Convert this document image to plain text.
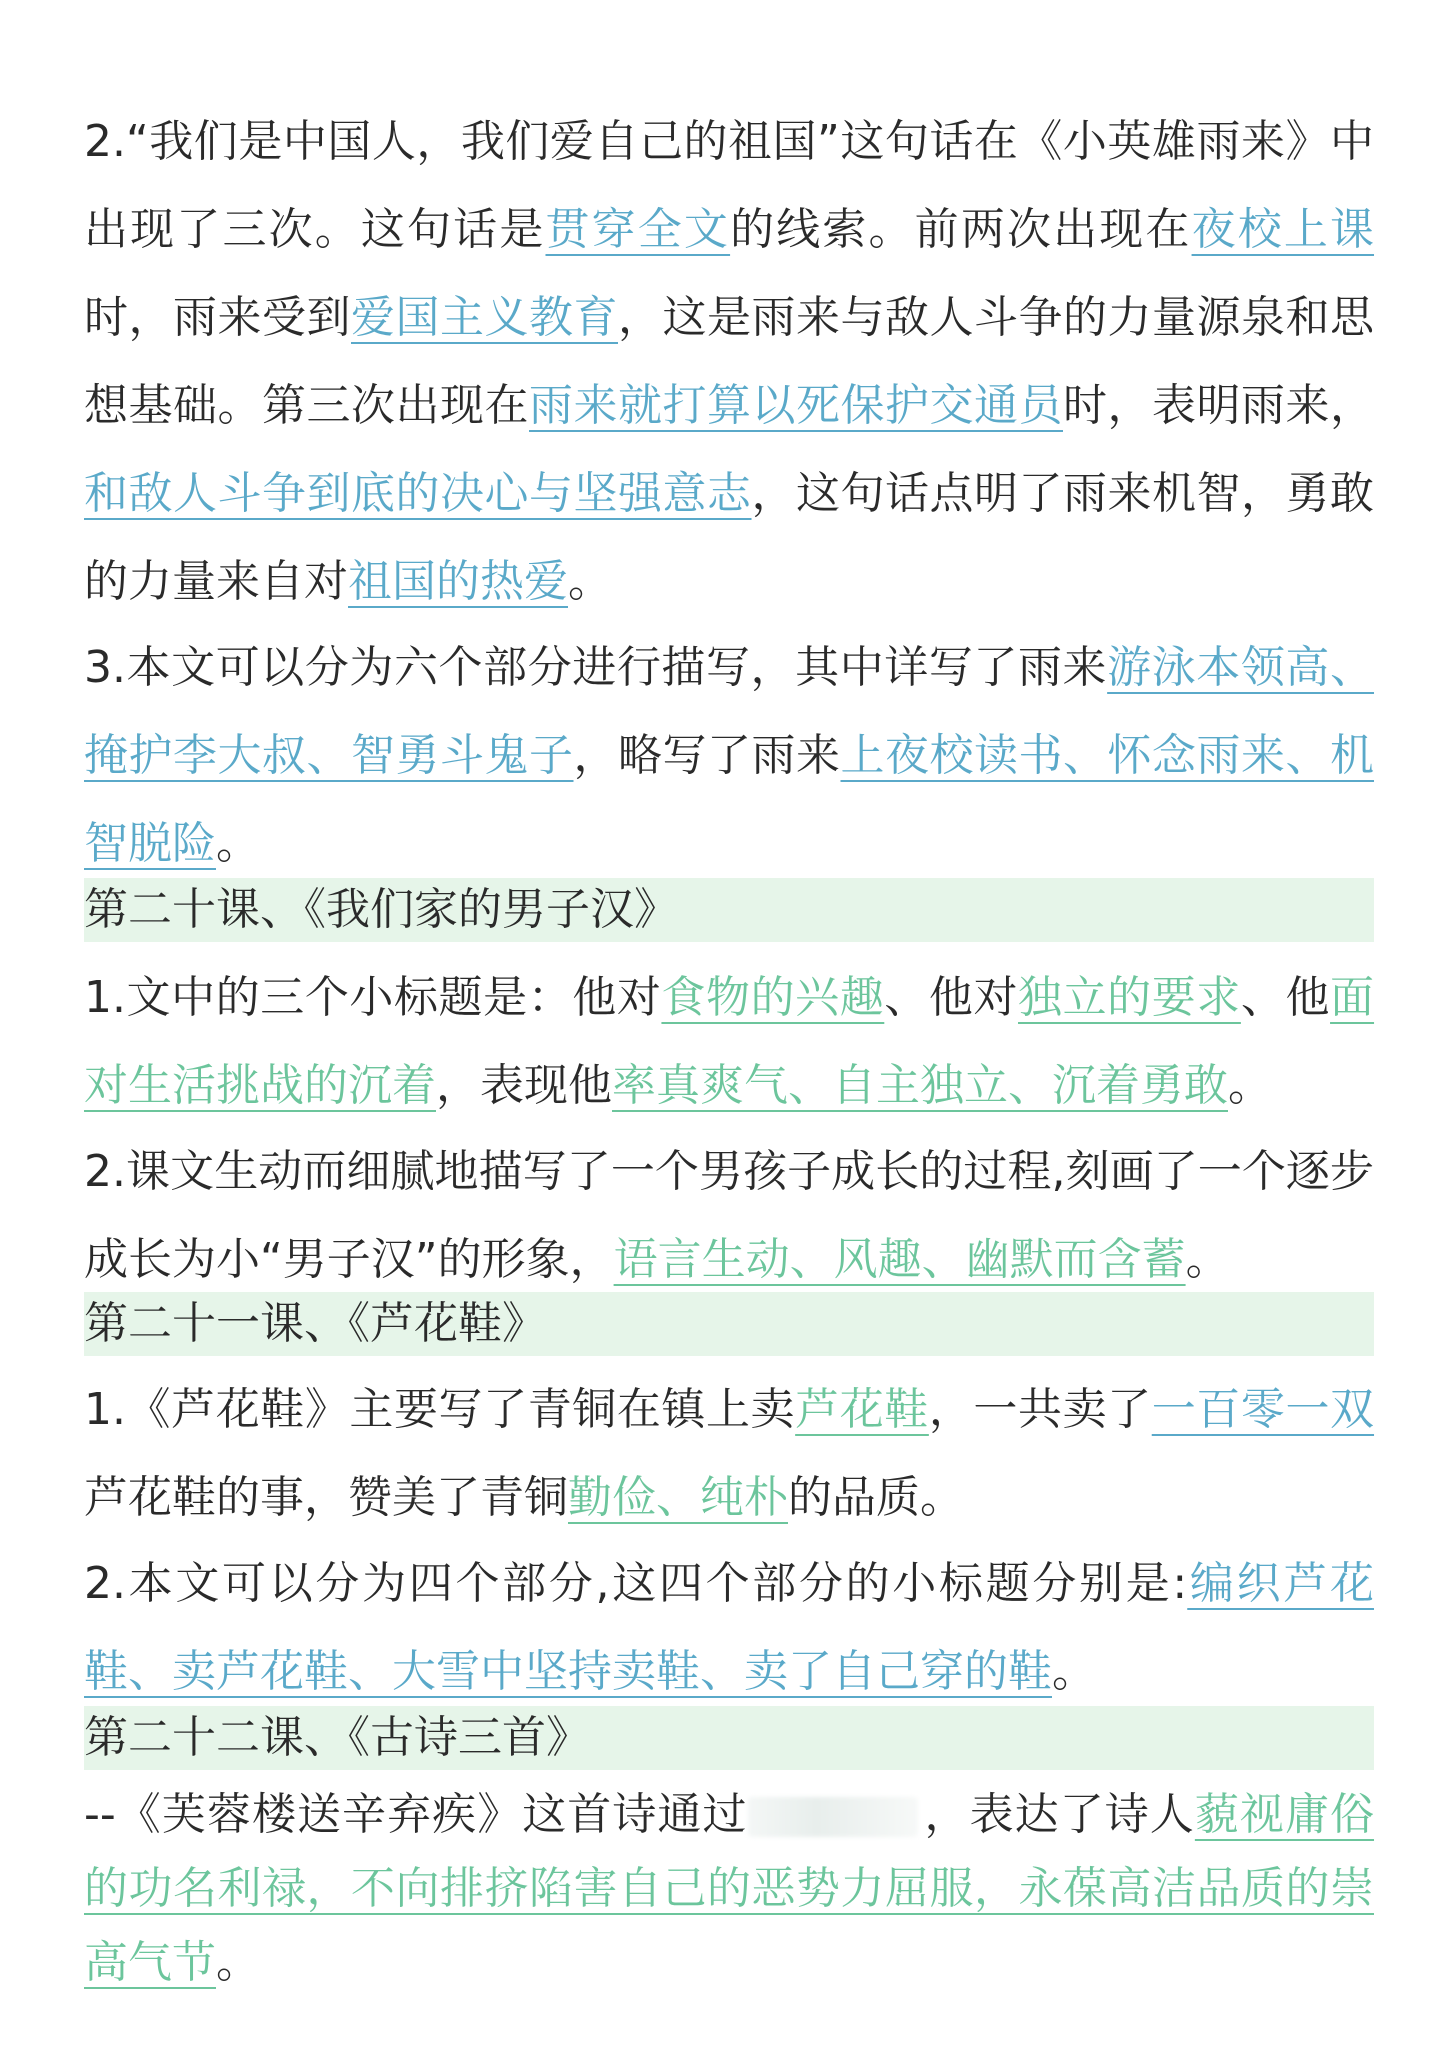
2.“我们是中国人，我们爱自己的祖国”这句话在《小英雄雨来》中出现了三次。这句话是贯穿全文的线索。前两次出现在夜校上课时，雨来受到爱国主义教育，这是雨来与敌人斗争的力量源泉和思想基础。第三次出现在雨来就打算以死保护交通员时，表明雨来，和敌人斗争到底的决心与坚强意志，这句话点明了雨来机智，勇敢的力量来自对祖国的热爱。

3.本文可以分为六个部分进行描写，其中详写了雨来游泳本领高、掩护李大叔、智勇斗鬼子，略写了雨来上夜校读书、怀念雨来、机智脱险。

第二十课、《我们家的男子汉》

1.文中的三个小标题是：他对食物的兴趣、他对独立的要求、他面对生活挑战的沉着，表现他率真爽气、自主独立、沉着勇敢。

2.课文生动而细腻地描写了一个男孩子成长的过程,刻画了一个逐步成长为小“男子汉”的形象，语言生动、风趣、幽默而含蓄。

第二十一课、《芦花鞋》

1.《芦花鞋》主要写了青铜在镇上卖芦花鞋，一共卖了一百零一双芦花鞋的事，赞美了青铜勤俭、纯朴的品质。

2.本文可以分为四个部分,这四个部分的小标题分别是:编织芦花鞋、卖芦花鞋、大雪中坚持卖鞋、卖了自己穿的鞋。

第二十二课、《古诗三首》

--《芙蓉楼送辛弃疾》这首诗通过	，表达了诗人藐视庸俗的功名利禄，不向排挤陷害自己的恶势力屈服，永葆高洁品质的崇高气节。
